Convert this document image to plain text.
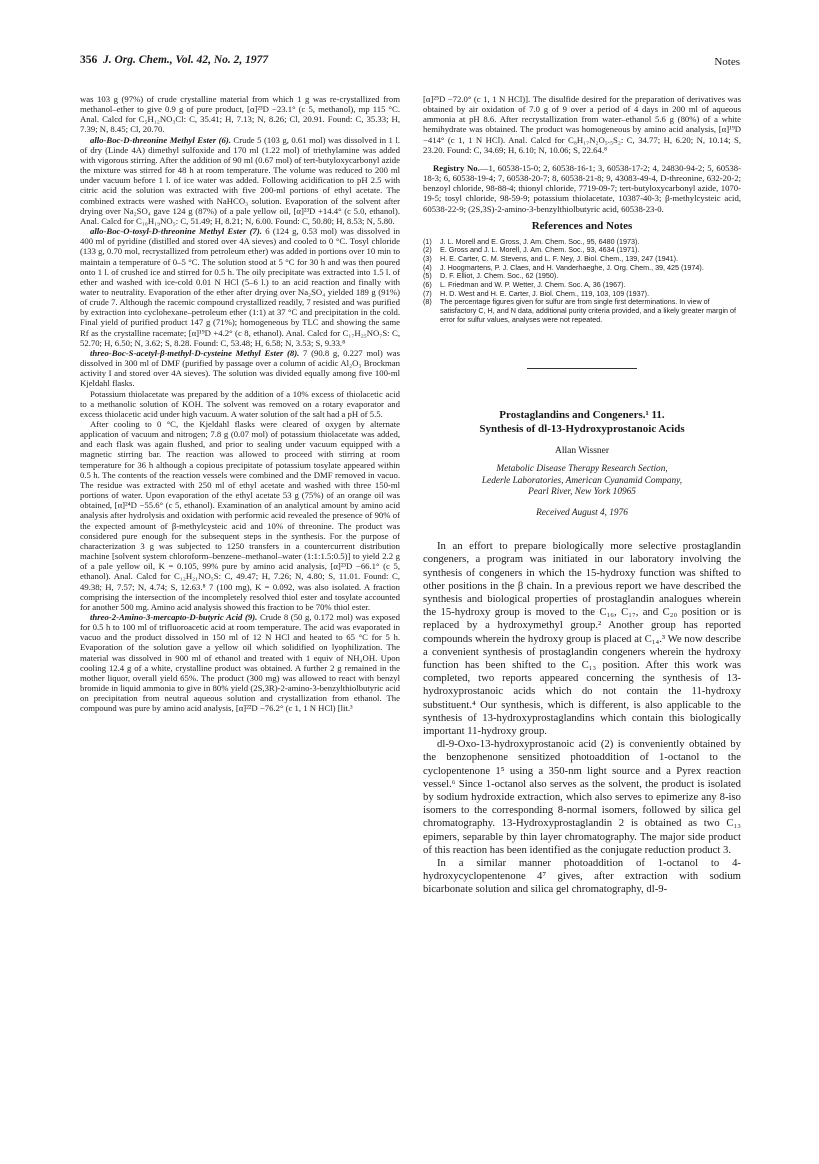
356 J. Org. Chem., Vol. 42, No. 2, 1977	Notes

was 103 g (97%) of crude crystalline material from which 1 g was re-crystallized from methanol–ether to give 0.9 g of pure product, [α]²³D −23.1° (c 5, methanol), mp 115 °C. Anal. Calcd for C₅H₁₂NO₃Cl: C, 35.41; H, 7.13; N, 8.26; Cl, 20.91. Found: C, 35.33; H, 7.39; N, 8.45; Cl, 20.70.

allo-Boc-D-threonine Methyl Ester (6). Crude 5 (103 g, 0.61 mol) was dissolved in 1 l. of dry (Linde 4A) dimethyl sulfoxide and 170 ml (1.22 mol) of triethylamine was added with vigorous stirring. After the addition of 90 ml (0.67 mol) of tert-butyloxycarbonyl azide the mixture was stirred for 48 h at room temperature. The volume was reduced to 200 ml under vacuum before 1 l. of ice water was added. Following acidification to pH 2.5 with citric acid the solution was extracted with five 200-ml portions of ethyl acetate. The combined extracts were washed with NaHCO₃ solution. Evaporation of the solvent after drying over Na₂SO₄ gave 124 g (87%) of a pale yellow oil, [α]²³D +14.4° (c 5.0, ethanol). Anal. Calcd for C₁₀H₁₉NO₅: C, 51.49; H, 8.21; N, 6.00. Found: C, 50.80; H, 8.53; N, 5.80.

allo-Boc-O-tosyl-D-threonine Methyl Ester (7). 6 (124 g, 0.53 mol) was dissolved in 400 ml of pyridine (distilled and stored over 4A sieves) and cooled to 0 °C. Tosyl chloride (133 g, 0.70 mol, recrystallized from petroleum ether) was added in portions over 10 min to maintain a temperature of 0–5 °C. The solution stood at 5 °C for 30 h and was then poured onto 1 l. of crushed ice and stirred for 0.5 h. The oily precipitate was extracted into 1.5 l. of ether and washed with ice-cold 0.01 N HCl (5–6 l.) to an acid reaction and finally with water to neutrality. Evaporation of the ether after drying over Na₂SO₄ yielded 189 g (91%) of crude 7. Although the racemic compound crystallized readily, 7 resisted and was purified by extraction into cyclohexane–petroleum ether (1:1) at 37 °C and precipitation in the cold. Final yield of purified product 147 g (71%); homogeneous by TLC and showing the same Rf as the crystalline racemate; [α]¹⁹D +4.2° (c 8, ethanol). Anal. Calcd for C₁₇H₂₅NO₇S: C, 52.70; H, 6.50; N, 3.62; S, 8.28. Found: C, 53.48; H, 6.58; N, 3.53; S, 9.33.⁸

threo-Boc-S-acetyl-β-methyl-D-cysteine Methyl Ester (8). 7 (90.8 g, 0.227 mol) was dissolved in 300 ml of DMF (purified by passage over a column of acidic Al₂O₃ Brockman activity I and stored over 4A sieves). The solution was divided equally among five 100-ml Kjeldahl flasks.

Potassium thiolacetate was prepared by the addition of a 10% excess of thiolacetic acid to a methanolic solution of KOH. The solvent was removed on a rotary evaporator and excess thiolacetic acid under high vacuum. A water solution of the salt had a pH of 5.5.

After cooling to 0 °C, the Kjeldahl flasks were cleared of oxygen by alternate application of vacuum and nitrogen; 7.8 g (0.07 mol) of potassium thiolacetate was added, and each flask was again flushed, and prior to sealing under vacuum equipped with a magnetic stirring bar. The reaction was allowed to proceed with stirring at room temperature for 36 h although a copious precipitate of potassium tosylate appeared within 0.5 h. The contents of the reaction vessels were combined and the DMF removed in vacuo. The residue was extracted with 250 ml of ethyl acetate and washed with three 150-ml portions of water. Upon evaporation of the ethyl acetate 53 g (75%) of an orange oil was obtained, [α]²⁴D −55.6° (c 5, ethanol). Examination of an analytical amount by amino acid analysis after hydrolysis and oxidation with performic acid revealed the presence of 90% of the expected amount of β-methylcysteic acid and 10% of threonine. The product was considered pure enough for the subsequent steps in the synthesis. For the purpose of characterization 3 g was subjected to 1250 transfers in a countercurrent distribution machine [solvent system chloroform–benzene–methanol–water (1:1:1.5:0.5)] to yield 2.2 g of a pale yellow oil, K = 0.105, 99% pure by amino acid analysis, [α]²³D −66.1° (c 5, ethanol). Anal. Calcd for C₁₂H₂₁NO₅S: C, 49.47; H, 7.26; N, 4.80; S, 11.01. Found: C, 49.38; H, 7.57; N, 4.74; S, 12.63.⁸ 7 (100 mg), K = 0.092, was also isolated. A fraction comprising the intersection of the incompletely resolved thiol ester and tosylate accounted for another 500 mg. Amino acid analysis showed this fraction to be 70% thiol ester.

threo-2-Amino-3-mercapto-D-butyric Acid (9). Crude 8 (50 g, 0.172 mol) was exposed for 0.5 h to 100 ml of trifluoroacetic acid at room temperature. The acid was evaporated in vacuo and the product dissolved in 150 ml of 12 N HCl and heated to 65 °C for 5 h. Evaporation of the solution gave a yellow oil which solidified on lyophilization. The material was dissolved in 900 ml of ethanol and treated with 1 equiv of NH₄OH. Upon cooling 12.4 g of a white, crystalline product was obtained. A further 2 g remained in the mother liquor, overall yield 65%. The product (300 mg) was allowed to react with benzyl bromide in liquid ammonia to give in 80% yield (2S,3R)-2-amino-3-benzylthiolbutyric acid on precipitation from neutral aqueous solution and crystallization from ethanol. The compound was pure by amino acid analysis, [α]²²D −76.2° (c 1, 1 N HCl) [lit.³

[α]²⁵D −72.0° (c 1, 1 N HCl)]. The disulfide desired for the preparation of derivatives was obtained by air oxidation of 7.0 g of 9 over a period of 4 days in 200 ml of aqueous ammonia at pH 8.6. After recrystallization from water–ethanol 5.6 g (80%) of a white hemihydrate was obtained. The product was homogeneous by amino acid analysis, [α]¹⁹D −414° (c 1, 1 N HCl). Anal. Calcd for C₈H₁₇N₂O₅.₅S₂: C, 34.77; H, 6.20; N, 10.14; S, 23.20. Found: C, 34.69; H, 6.10; N, 10.06; S, 22.64.⁸

Registry No.—1, 60538-15-0; 2, 60538-16-1; 3, 60538-17-2; 4, 24830-94-2; 5, 60538-18-3; 6, 60538-19-4; 7, 60538-20-7; 8, 60538-21-8; 9, 43083-49-4, D-threonine, 632-20-2; benzoyl chloride, 98-88-4; thionyl chloride, 7719-09-7; tert-butyloxycarbonyl azide, 1070-19-5; tosyl chloride, 98-59-9; potassium thiolacetate, 10387-40-3; β-methylcysteic acid, 60538-22-9; (2S,3S)-2-amino-3-benzylthiolbutyric acid, 60538-23-0.

References and Notes
(1)	J. L. Morell and E. Gross, J. Am. Chem. Soc., 95, 6480 (1973).
(2)	E. Gross and J. L. Morell, J. Am. Chem. Soc., 93, 4634 (1971).
(3)	H. E. Carter, C. M. Stevens, and L. F. Ney, J. Biol. Chem., 139, 247 (1941).
(4)	J. Hoogmartens, P. J. Claes, and H. Vanderhaeghe, J. Org. Chem., 39, 425 (1974).
(5)	D. F. Elliot, J. Chem. Soc., 62 (1950).
(6)	L. Friedman and W. P. Wetter, J. Chem. Soc. A, 36 (1967).
(7)	H. D. West and H. E. Carter, J. Biol. Chem., 119, 103, 109 (1937).
(8)	The percentage figures given for sulfur are from single first determinations. In view of satisfactory C, H, and N data, additional purity criteria provided, and a likely greater margin of error for sulfur values, analyses were not repeated.
Prostaglandins and Congeners.¹ 11.
Synthesis of dl-13-Hydroxyprostanoic Acids
Allan Wissner
Metabolic Disease Therapy Research Section,
Lederle Laboratories, American Cyanamid Company,
Pearl River, New York 10965
Received August 4, 1976

In an effort to prepare biologically more selective prostaglandin congeners, a program was initiated in our laboratory involving the synthesis of congeners in which the 15-hydroxy function was shifted to other positions in the β chain. In a previous report we have described the synthesis and biological properties of prostaglandin analogues wherein the 15-hydroxy group is moved to the C₁₆, C₁₇, and C₂₀ position or is replaced by a hydroxymethyl group.² Another group has reported compounds wherein the hydroxy group is placed at C₁₄.³ We now describe a convenient synthesis of prostaglandin congeners wherein the hydroxy function has been shifted to the C₁₃ position. After this work was completed, two reports appeared concerning the synthesis of 13-hydroxyprostanoic acids which do not contain the 11-hydroxy substituent.⁴ Our synthesis, which is different, is also applicable to the synthesis of 13-hydroxyprostaglandins which contain this biologically important 11-hydroxy group.

dl-9-Oxo-13-hydroxyprostanoic acid (2) is conveniently obtained by the benzophenone sensitized photoaddition of 1-octanol to the cyclopentenone 1⁵ using a 350-nm light source and a Pyrex reaction vessel.⁶ Since 1-octanol also serves as the solvent, the product is isolated by sodium hydroxide extraction, which also serves to epimerize any 8-iso isomers to the corresponding 8-normal isomers, followed by silica gel chromatography. 13-Hydroxyprostaglandin 2 is obtained as two C₁₃ epimers, separable by thin layer chromatography. The major side product of this reaction has been identified as the conjugate reduction product 3.

In a similar manner photoaddition of 1-octanol to 4-hydroxycyclopentenone 4⁷ gives, after extraction with sodium bicarbonate solution and silica gel chromatography, dl-9-
